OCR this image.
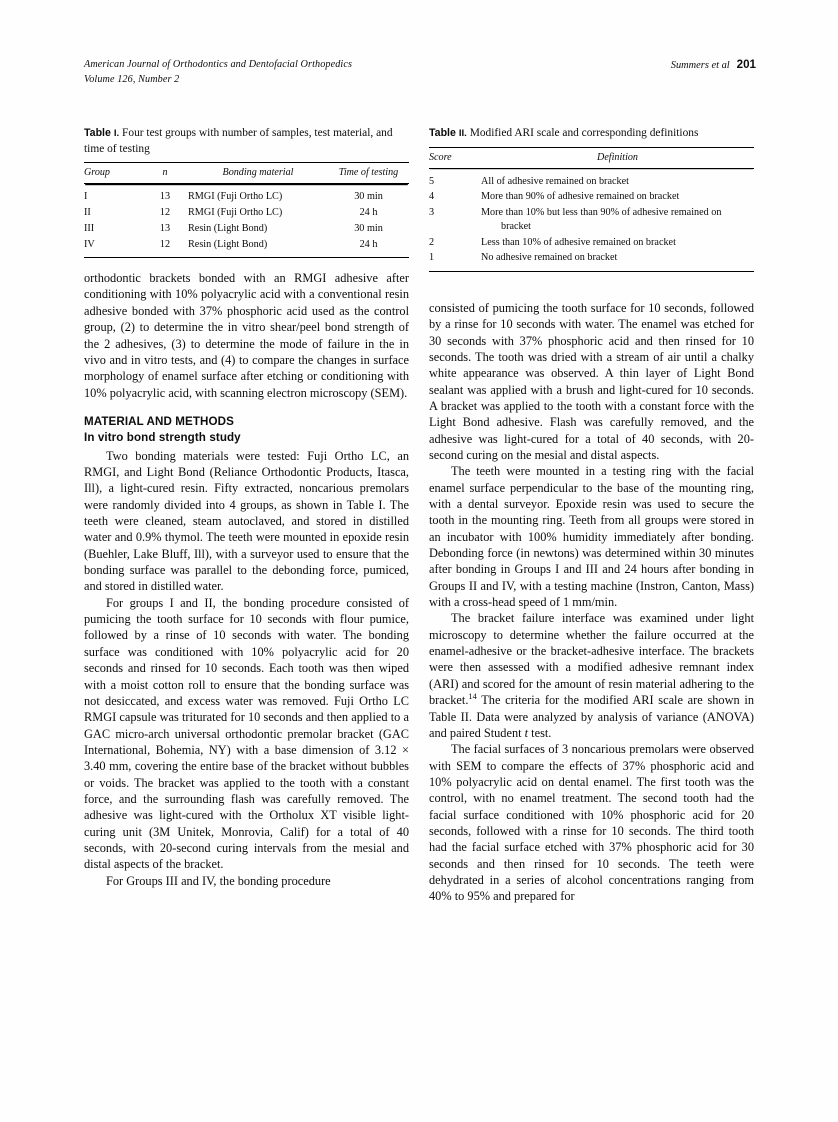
American Journal of Orthodontics and Dentofacial Orthopedics
Volume 126, Number 2
Summers et al 201
Table I. Four test groups with number of samples, test material, and time of testing
Group	n	Bonding material	Time of testing
I	13	RMGI (Fuji Ortho LC)	30 min
II	12	RMGI (Fuji Ortho LC)	24 h
III	13	Resin (Light Bond)	30 min
IV	12	Resin (Light Bond)	24 h

orthodontic brackets bonded with an RMGI adhesive after conditioning with 10% polyacrylic acid with a conventional resin adhesive bonded with 37% phosphoric acid used as the control group, (2) to determine the in vitro shear/peel bond strength of the 2 adhesives, (3) to determine the mode of failure in the in vivo and in vitro tests, and (4) to compare the changes in surface morphology of enamel surface after etching or conditioning with 10% polyacrylic acid, with scanning electron microscopy (SEM).

MATERIAL AND METHODS
In vitro bond strength study

Two bonding materials were tested: Fuji Ortho LC, an RMGI, and Light Bond (Reliance Orthodontic Products, Itasca, Ill), a light-cured resin. Fifty extracted, noncarious premolars were randomly divided into 4 groups, as shown in Table I. The teeth were cleaned, steam autoclaved, and stored in distilled water and 0.9% thymol. The teeth were mounted in epoxide resin (Buehler, Lake Bluff, Ill), with a surveyor used to ensure that the bonding surface was parallel to the debonding force, pumiced, and stored in distilled water.

For groups I and II, the bonding procedure consisted of pumicing the tooth surface for 10 seconds with flour pumice, followed by a rinse of 10 seconds with water. The bonding surface was conditioned with 10% polyacrylic acid for 20 seconds and rinsed for 10 seconds. Each tooth was then wiped with a moist cotton roll to ensure that the bonding surface was not desiccated, and excess water was removed. Fuji Ortho LC RMGI capsule was triturated for 10 seconds and then applied to a GAC micro-arch universal orthodontic premolar bracket (GAC International, Bohemia, NY) with a base dimension of 3.12 × 3.40 mm, covering the entire base of the bracket without bubbles or voids. The bracket was applied to the tooth with a constant force, and the surrounding flash was carefully removed. The adhesive was light-cured with the Ortholux XT visible light-curing unit (3M Unitek, Monrovia, Calif) for a total of 40 seconds, with 20-second curing intervals from the mesial and distal aspects of the bracket.

For Groups III and IV, the bonding procedure

Table II. Modified ARI scale and corresponding definitions
Score	Definition
5	All of adhesive remained on bracket
4	More than 90% of adhesive remained on bracket
3	More than 10% but less than 90% of adhesive remained on bracket

2	Less than 10% of adhesive remained on bracket
1	No adhesive remained on bracket

consisted of pumicing the tooth surface for 10 seconds, followed by a rinse for 10 seconds with water. The enamel was etched for 30 seconds with 37% phosphoric acid and then rinsed for 10 seconds. The tooth was dried with a stream of air until a chalky white appearance was observed. A thin layer of Light Bond sealant was applied with a brush and light-cured for 10 seconds. A bracket was applied to the tooth with a constant force with the Light Bond adhesive. Flash was carefully removed, and the adhesive was light-cured for a total of 40 seconds, with 20-second curing on the mesial and distal aspects.

The teeth were mounted in a testing ring with the facial enamel surface perpendicular to the base of the mounting ring, with a dental surveyor. Epoxide resin was used to secure the tooth in the mounting ring. Teeth from all groups were stored in an incubator with 100% humidity immediately after bonding. Debonding force (in newtons) was determined within 30 minutes after bonding in Groups I and III and 24 hours after bonding in Groups II and IV, with a testing machine (Instron, Canton, Mass) with a cross-head speed of 1 mm/min.

The bracket failure interface was examined under light microscopy to determine whether the failure occurred at the enamel-adhesive or the bracket-adhesive interface. The brackets were then assessed with a modified adhesive remnant index (ARI) and scored for the amount of resin material adhering to the bracket.$^{14}$ The criteria for the modified ARI scale are shown in Table II. Data were analyzed by analysis of variance (ANOVA) and paired Student t test.

The facial surfaces of 3 noncarious premolars were observed with SEM to compare the effects of 37% phosphoric acid and 10% polyacrylic acid on dental enamel. The first tooth was the control, with no enamel treatment. The second tooth had the facial surface conditioned with 10% phosphoric acid for 20 seconds, followed with a rinse for 10 seconds. The third tooth had the facial surface etched with 37% phosphoric acid for 30 seconds and then rinsed for 10 seconds. The teeth were dehydrated in a series of alcohol concentrations ranging from 40% to 95% and prepared for
